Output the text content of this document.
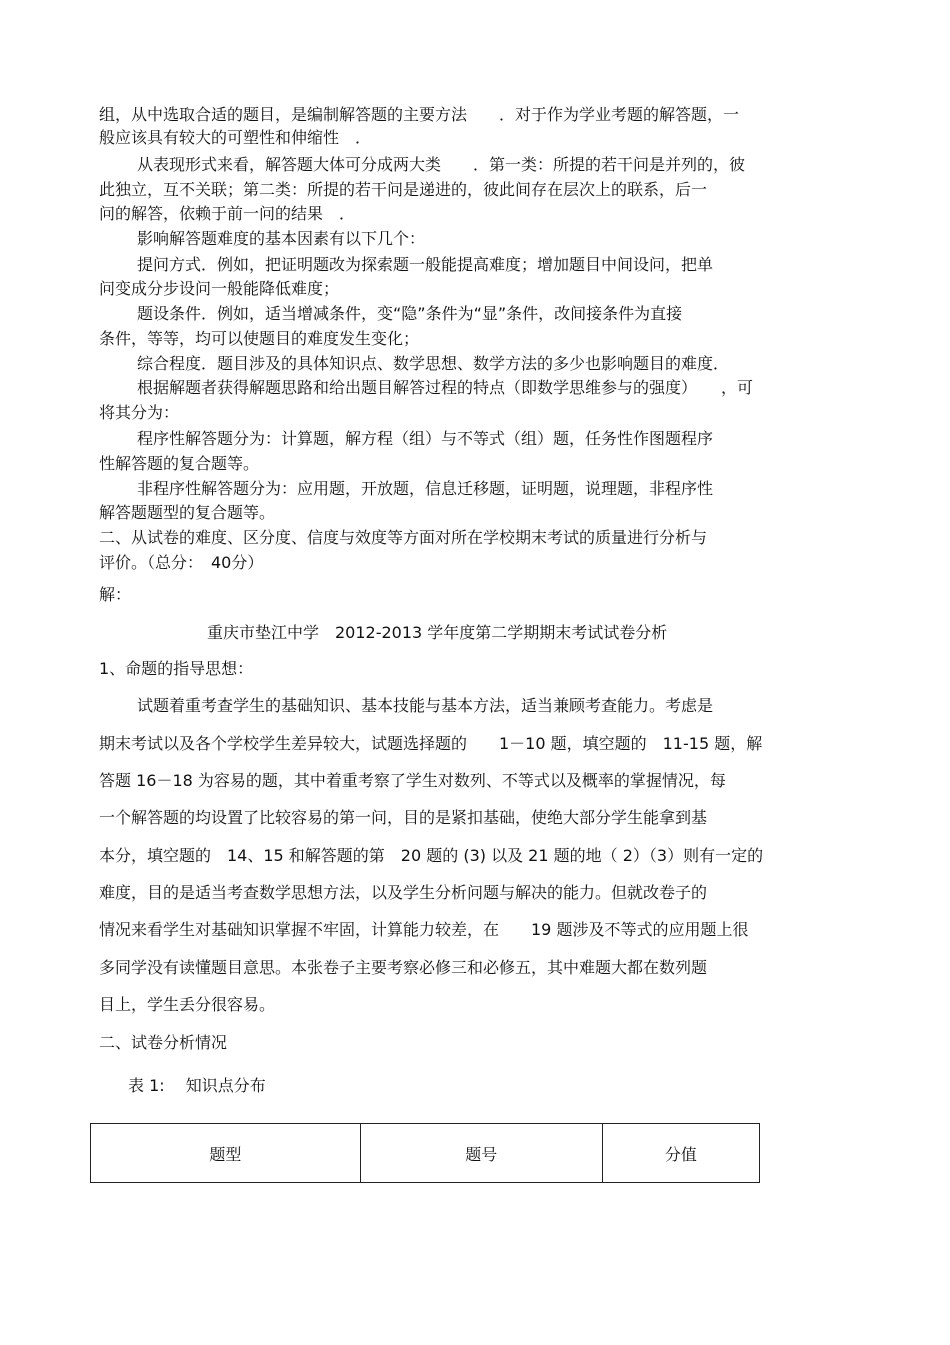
组，从中选取合适的题目，是编制解答题的主要方法　　．对于作为学业考题的解答题，一
般应该具有较大的可塑性和伸缩性　．
从表现形式来看，解答题大体可分成两大类　　．第一类：所提的若干问是并列的，彼
此独立，互不关联；第二类：所提的若干问是递进的，彼此间存在层次上的联系，后一
问的解答，依赖于前一问的结果　．
影响解答题难度的基本因素有以下几个：
提问方式．例如，把证明题改为探索题一般能提高难度；增加题目中间设问，把单
问变成分步设问一般能降低难度；
题设条件．例如，适当增减条件，变“隐”条件为“显”条件，改间接条件为直接
条件，等等，均可以使题目的难度发生变化；
综合程度．题目涉及的具体知识点、数学思想、数学方法的多少也影响题目的难度．
根据解题者获得解题思路和给出题目解答过程的特点（即数学思维参与的强度）　　，可
将其分为：
程序性解答题分为：计算题，解方程（组）与不等式（组）题，任务性作图题程序
性解答题的复合题等。
非程序性解答题分为：应用题，开放题，信息迁移题，证明题，说理题，非程序性
解答题题型的复合题等。
二、从试卷的难度、区分度、信度与效度等方面对所在学校期末考试的质量进行分析与
评价。（总分：　40分）
解：
重庆市垫江中学　2012-2013 学年度第二学期期末考试试卷分析
1、命题的指导思想：
试题着重考查学生的基础知识、基本技能与基本方法，适当兼顾考查能力。考虑是
期末考试以及各个学校学生差异较大，试题选择题的　　1－10 题，填空题的　11-15 题，解
答题 16－18 为容易的题，其中着重考察了学生对数列、不等式以及概率的掌握情况，每
一个解答题的均设置了比较容易的第一问，目的是紧扣基础，使绝大部分学生能拿到基
本分，填空题的　14、15 和解答题的第　20 题的 (3) 以及 21 题的地（ 2）（3）则有一定的
难度，目的是适当考查数学思想方法，以及学生分析问题与解决的能力。但就改卷子的
情况来看学生对基础知识掌握不牢固，计算能力较差，在　　19 题涉及不等式的应用题上很
多同学没有读懂题目意思。本张卷子主要考察必修三和必修五，其中难题大都在数列题
目上，学生丢分很容易。
二、试卷分析情况
表 1:　 知识点分布
题型	题号	分值
